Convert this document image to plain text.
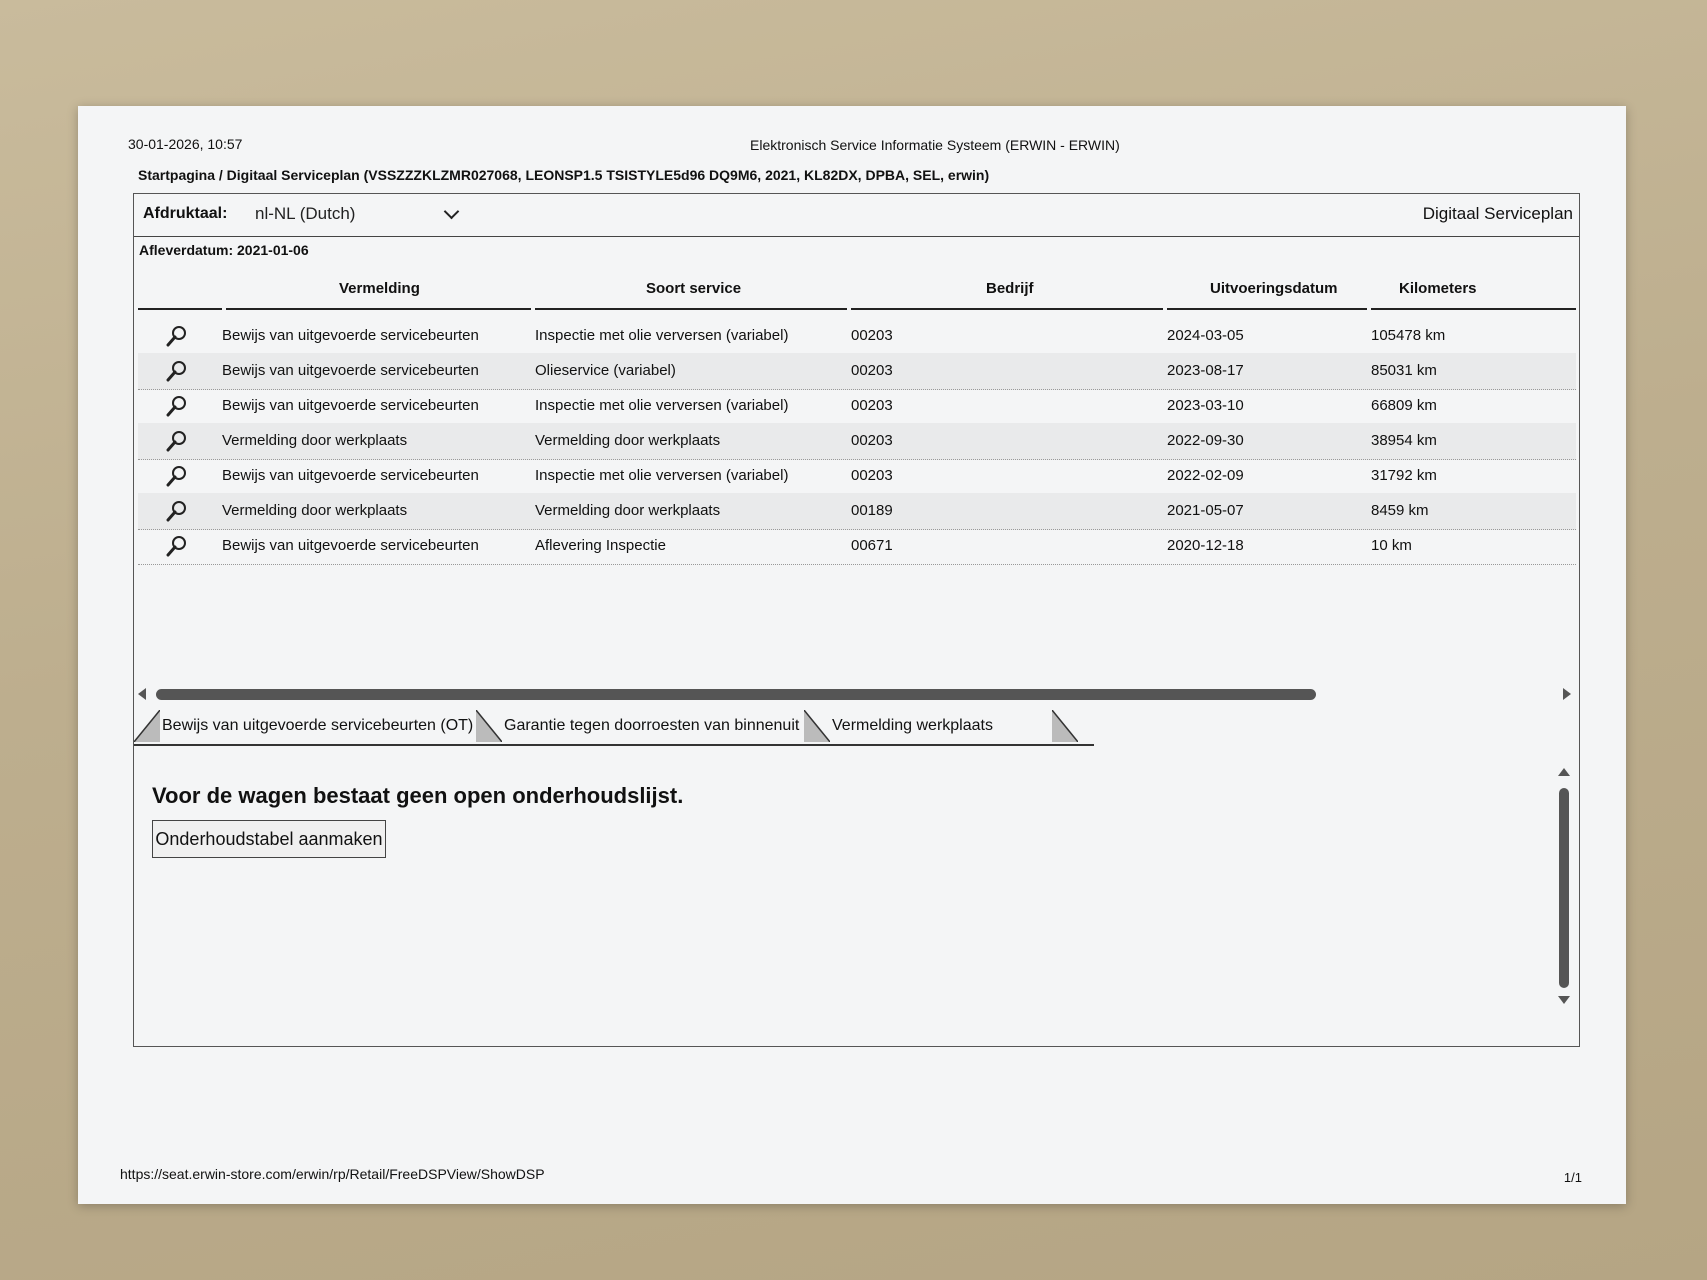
30-01-2026, 10:57	Elektronisch Service Informatie Systeem (ERWIN - ERWIN)
Startpagina / Digitaal Serviceplan (VSSZZZKLZMR027068, LEONSP1.5 TSISTYLE5d96 DQ9M6, 2021, KL82DX, DPBA, SEL, erwin)
Afdruktaal: nl-NL (Dutch)	Digitaal Serviceplan
Afleverdatum: 2021-01-06
Vermelding	Soort service	Bedrijf	Uitvoeringsdatum	Kilometers
Bewijs van uitgevoerde servicebeurten	Inspectie met olie verversen (variabel)	00203	2024-03-05	105478 km
Bewijs van uitgevoerde servicebeurten	Olieservice (variabel)	00203	2023-08-17	85031 km
Bewijs van uitgevoerde servicebeurten	Inspectie met olie verversen (variabel)	00203	2023-03-10	66809 km
Vermelding door werkplaats	Vermelding door werkplaats	00203	2022-09-30	38954 km
Bewijs van uitgevoerde servicebeurten	Inspectie met olie verversen (variabel)	00203	2022-02-09	31792 km
Vermelding door werkplaats	Vermelding door werkplaats	00189	2021-05-07	8459 km
Bewijs van uitgevoerde servicebeurten	Aflevering Inspectie	00671	2020-12-18	10 km
Bewijs van uitgevoerde servicebeurten (OT) Garantie tegen doorroesten van binnenuit Vermelding werkplaats
Voor de wagen bestaat geen open onderhoudslijst.
Onderhoudstabel aanmaken
https://seat.erwin-store.com/erwin/rp/Retail/FreeDSPView/ShowDSP	1/1
